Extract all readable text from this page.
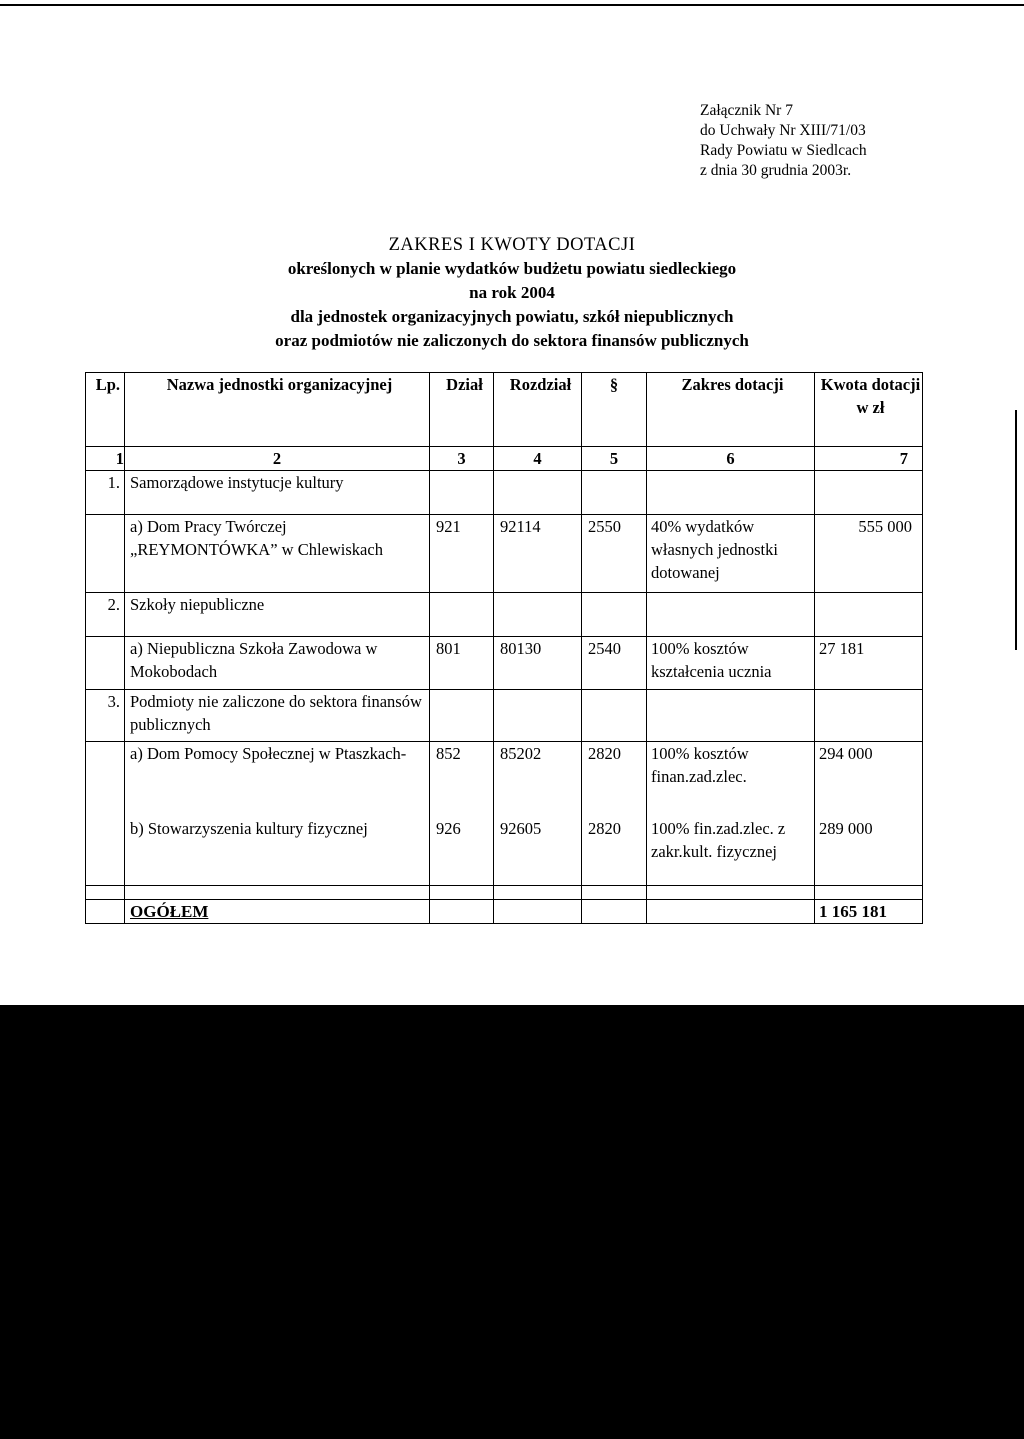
Załącznik Nr 7
do Uchwały Nr XIII/71/03
Rady Powiatu w Siedlcach
z dnia 30 grudnia 2003r.
ZAKRES I KWOTY DOTACJI
określonych w planie wydatków budżetu powiatu siedleckiego
na rok 2004
dla jednostek organizacyjnych powiatu, szkół niepublicznych
oraz podmiotów nie zaliczonych do sektora finansów publicznych
Lp.	Nazwa jednostki organizacyjnej	Dział	Rozdział	§	Zakres dotacji	Kwota dotacji w zł
1	2	3	4	5	6	7
1.	Samorządowe instytucje kultury					
	a) Dom Pracy Twórczej „REYMONTÓWKA” w Chlewiskach	921	92114	2550	40% wydatków własnych jednostki dotowanej	555 000
2.	Szkoły niepubliczne					
	a) Niepubliczna Szkoła Zawodowa w Mokobodach	801	80130	2540	100% kosztów kształcenia ucznia	27 181
3.	Podmioty nie zaliczone do sektora finansów publicznych					
	a) Dom Pomocy Społecznej w Ptaszkach-	852	85202	2820	100% kosztów finan.zad.zlec.	294 000
	b) Stowarzyszenia kultury fizycznej	926	92605	2820	100% fin.zad.zlec. z zakr.kult. fizycznej	289 000

	OGÓŁEM					1 165 181
